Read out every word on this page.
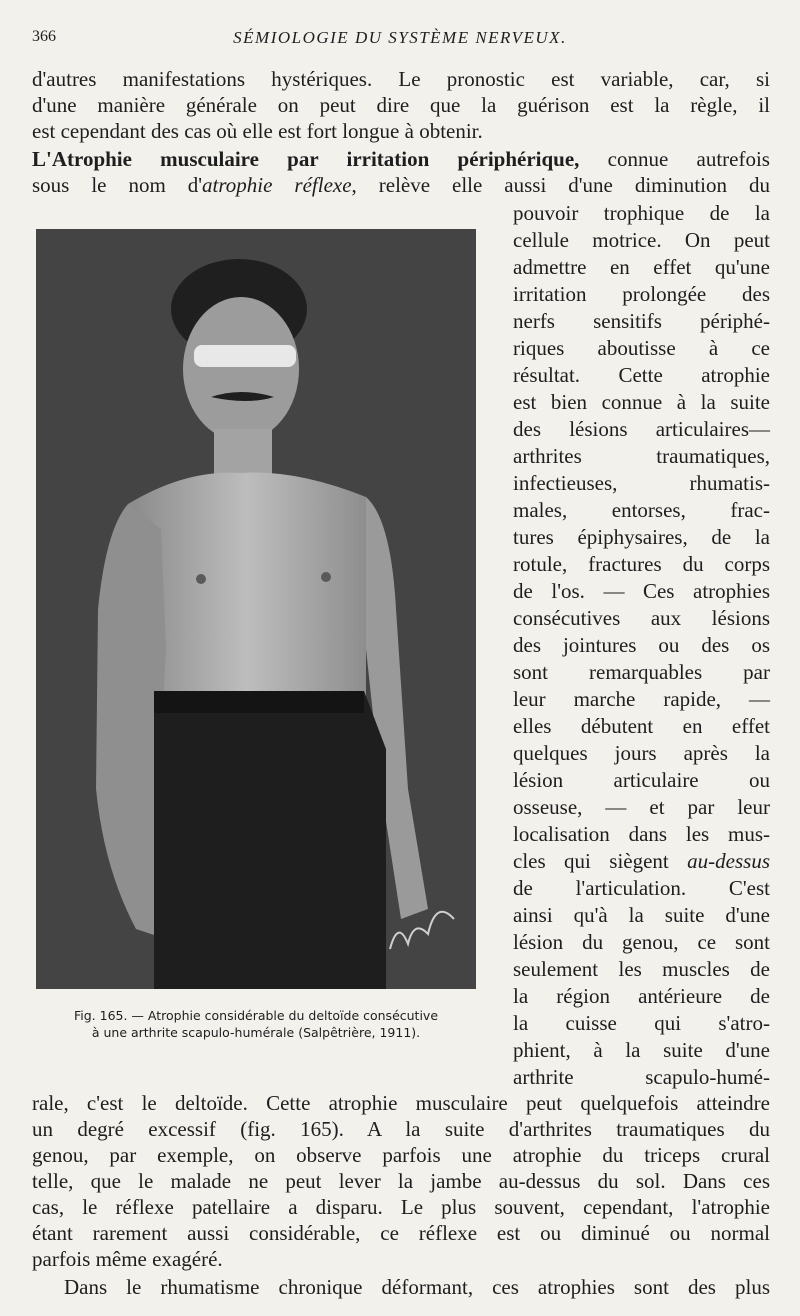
366	SÉMIOLOGIE DU SYSTÈME NERVEUX.
d'autres manifestations hystériques. Le pronostic est variable, car, si
d'une manière générale on peut dire que la guérison est la règle, il
est cependant des cas où elle est fort longue à obtenir.
L'Atrophie musculaire par irritation périphérique, connue autrefois
sous le nom d'atrophie réflexe, relève elle aussi d'une diminution du
Fig. 165. — Atrophie considérable du deltoïde consécutive
à une arthrite scapulo-humérale (Salpêtrière, 1911).
pouvoir trophique de la
cellule motrice. On peut
admettre en effet qu'une
irritation prolongée des
nerfs sensitifs périphé-
riques aboutisse à ce
résultat. Cette atrophie
est bien connue à la suite
des lésions articulaires—
arthrites traumatiques,
infectieuses, rhumatis-
males, entorses, frac-
tures épiphysaires, de la
rotule, fractures du corps
de l'os. — Ces atrophies
consécutives aux lésions
des jointures ou des os
sont remarquables par
leur marche rapide, —
elles débutent en effet
quelques jours après la
lésion articulaire ou
osseuse, — et par leur
localisation dans les mus-
cles qui siègent au-dessus
de l'articulation. C'est
ainsi qu'à la suite d'une
lésion du genou, ce sont
seulement les muscles de
la région antérieure de
la cuisse qui s'atro-
phient, à la suite d'une
arthrite scapulo-humé-
rale, c'est le deltoïde. Cette atrophie musculaire peut quelquefois atteindre
un degré excessif (fig. 165). A la suite d'arthrites traumatiques du
genou, par exemple, on observe parfois une atrophie du triceps crural
telle, que le malade ne peut lever la jambe au-dessus du sol. Dans ces
cas, le réflexe patellaire a disparu. Le plus souvent, cependant, l'atrophie
étant rarement aussi considérable, ce réflexe est ou diminué ou normal
parfois même exagéré.
Dans le rhumatisme chronique déformant, ces atrophies sont des plus
